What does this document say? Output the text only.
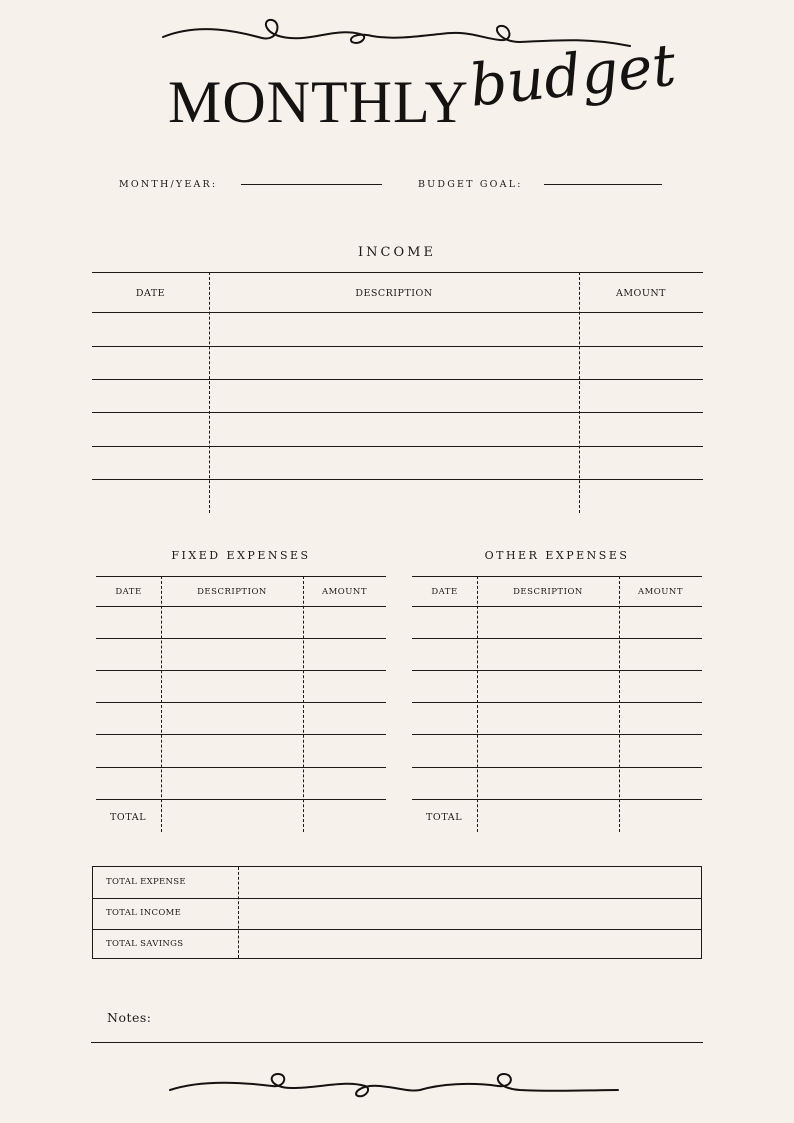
MONTHLY
budget
MONTH/YEAR:	BUDGET GOAL:
INCOME
DATE	DESCRIPTION	AMOUNT
FIXED EXPENSES
DATE	DESCRIPTION	AMOUNT
TOTAL
OTHER EXPENSES
DATE	DESCRIPTION	AMOUNT
TOTAL
TOTAL EXPENSE
TOTAL INCOME
TOTAL SAVINGS
Notes:
